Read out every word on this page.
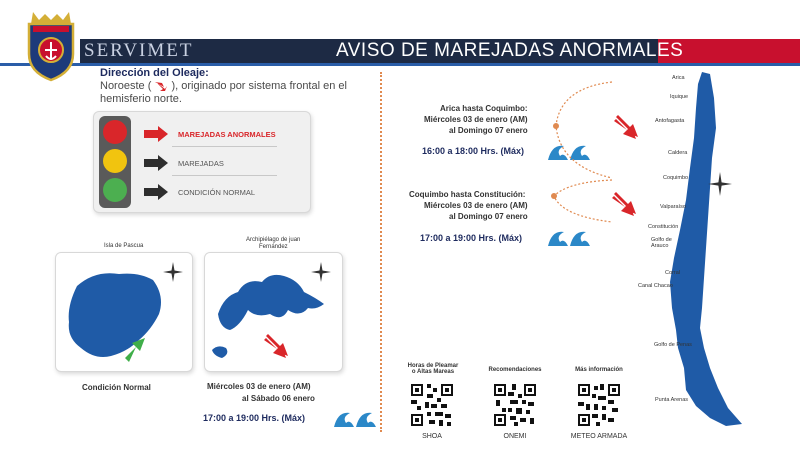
SERVIMET	AVISO DE MAREJADAS ANORMALES
Dirección del Oleaje:
Noroeste ( ), originado por sistema frontal en el
hemisferio norte.
MAREJADAS ANORMALES
MAREJADAS
CONDICIÓN NORMAL
Isla de Pascua
Condición Normal
Archipiélago de juan
Fernández
Miércoles 03 de enero (AM)
al Sábado 06 enero
17:00 a 19:00 Hrs. (Máx)
Arica hasta Coquimbo:
Miércoles 03 de enero (AM)
al Domingo 07 enero
16:00 a 18:00 Hrs. (Máx)
Coquimbo hasta Constitución:
Miércoles 03 de enero (AM)
al Domingo 07 enero
17:00 a 19:00 Hrs. (Máx)
Arica
Iquique
Antofagasta
Caldera
Coquimbo
Valparaíso
Constitución
Golfo de Arauco
Corral
Canal Chacao
Golfo de Penas
Punta Arenas
Horas de Pleamar
o Altas Mareas
SHOA
Recomendaciones
ONEMI
Más información
METEO ARMADA
